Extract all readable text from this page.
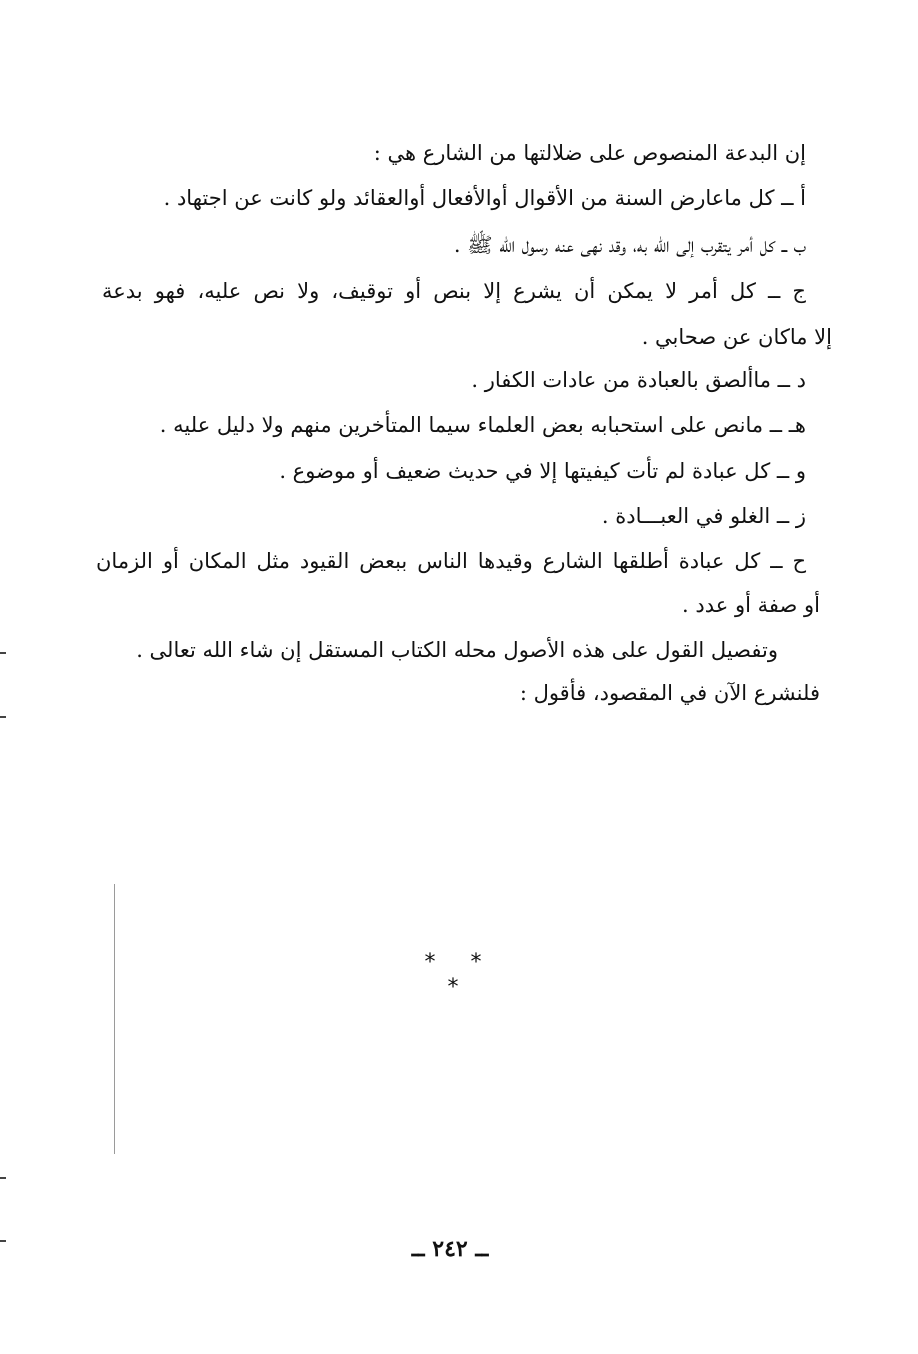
إن البدعة المنصوص على ضلالتها من الشارع هي :
أ ــ كل ماعارض السنة من الأقوال أوالأفعال أوالعقائد ولو كانت عن اجتهاد .
ب ــ كل أمر يتقرب إلى الله به، وقد نهى عنه رسول الله ﷺ .
ج ــ كل أمر لا يمكن أن يشرع إلا بنص أو توقيف، ولا نص عليه، فهو بدعة
إلا ماكان عن صحابي .
د ــ ماألصق بالعبادة من عادات الكفار .
هـ ــ مانص على استحبابه بعض العلماء سيما المتأخرين منهم ولا دليل عليه .
و ــ كل عبادة لم تأت كيفيتها إلا في حديث ضعيف أو موضوع .
ز ــ الغلو في العبـــادة .
ح ــ كل عبادة أطلقها الشارع وقيدها الناس ببعض القيود مثل المكان أو الزمان
أو صفة أو عدد .
وتفصيل القول على هذه الأصول محله الكتاب المستقل إن شاء الله تعالى .
فلنشرع الآن في المقصود، فأقول :
* * *
ــ ٢٤٢ ــ
